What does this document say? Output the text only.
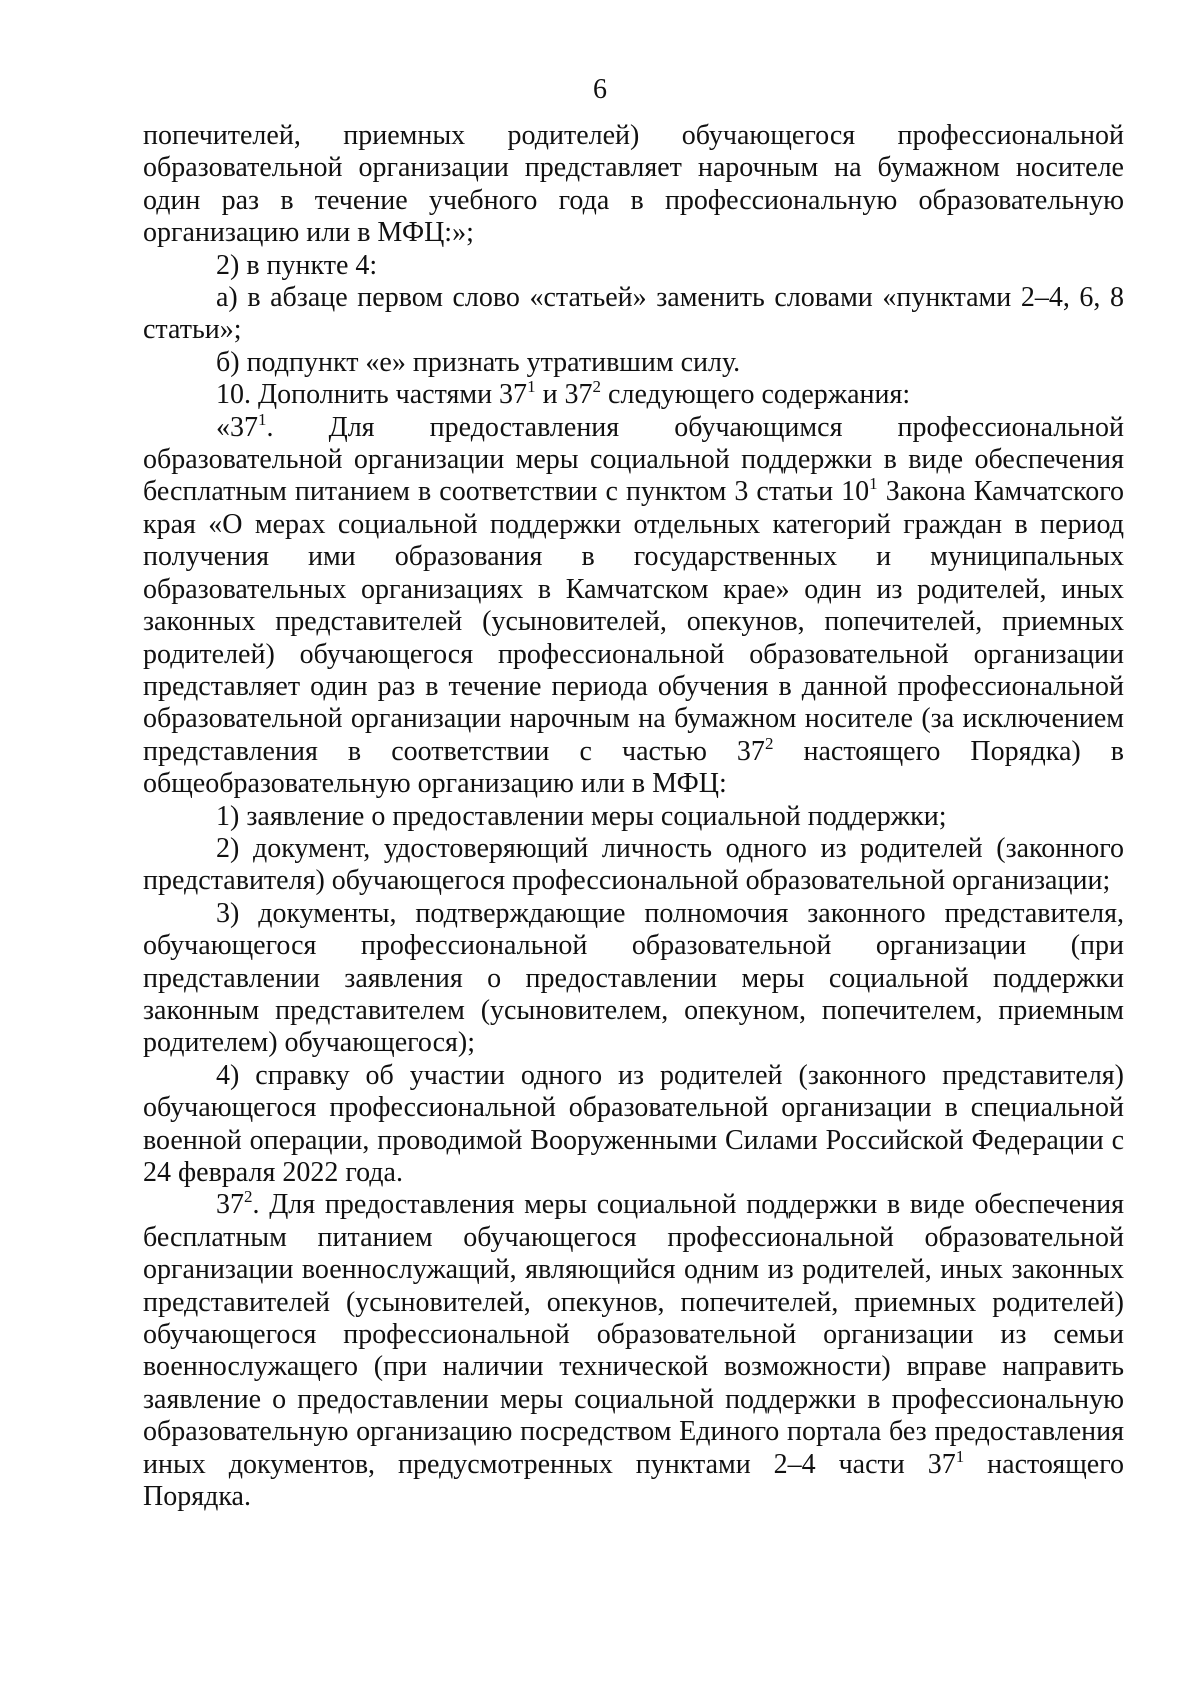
6

попечителей, приемных родителей) обучающегося профессиональной образовательной организации представляет нарочным на бумажном носителе один раз в течение учебного года в профессиональную образовательную организацию или в МФЦ:»;

2) в пункте 4:

а) в абзаце первом слово «статьей» заменить словами «пунктами 2–4, 6, 8 статьи»;

б) подпункт «е» признать утратившим силу.

10. Дополнить частями $37^1$ и $37^2$ следующего содержания:

«$37^1$. Для предоставления обучающимся профессиональной образовательной организации меры социальной поддержки в виде обеспечения бесплатным питанием в соответствии с пунктом 3 статьи $10^1$ Закона Камчатского края «О мерах социальной поддержки отдельных категорий граждан в период получения ими образования в государственных и муниципальных образовательных организациях в Камчатском крае» один из родителей, иных законных представителей (усыновителей, опекунов, попечителей, приемных родителей) обучающегося профессиональной образовательной организации представляет один раз в течение периода обучения в данной профессиональной образовательной организации нарочным на бумажном носителе (за исключением представления в соответствии с частью $37^2$ настоящего Порядка) в общеобразовательную организацию или в МФЦ:

1) заявление о предоставлении меры социальной поддержки;

2) документ, удостоверяющий личность одного из родителей (законного представителя) обучающегося профессиональной образовательной организации;

3) документы, подтверждающие полномочия законного представителя, обучающегося профессиональной образовательной организации (при представлении заявления о предоставлении меры социальной поддержки законным представителем (усыновителем, опекуном, попечителем, приемным родителем) обучающегося);

4) справку об участии одного из родителей (законного представителя) обучающегося профессиональной образовательной организации в специальной военной операции, проводимой Вооруженными Силами Российской Федерации с 24 февраля 2022 года.

$37^2$. Для предоставления меры социальной поддержки в виде обеспечения бесплатным питанием обучающегося профессиональной образовательной организации военнослужащий, являющийся одним из родителей, иных законных представителей (усыновителей, опекунов, попечителей, приемных родителей) обучающегося профессиональной образовательной организации из семьи военнослужащего (при наличии технической возможности) вправе направить заявление о предоставлении меры социальной поддержки в профессиональную образовательную организацию посредством Единого портала без предоставления иных документов, предусмотренных пунктами 2–4 части $37^1$ настоящего Порядка.
